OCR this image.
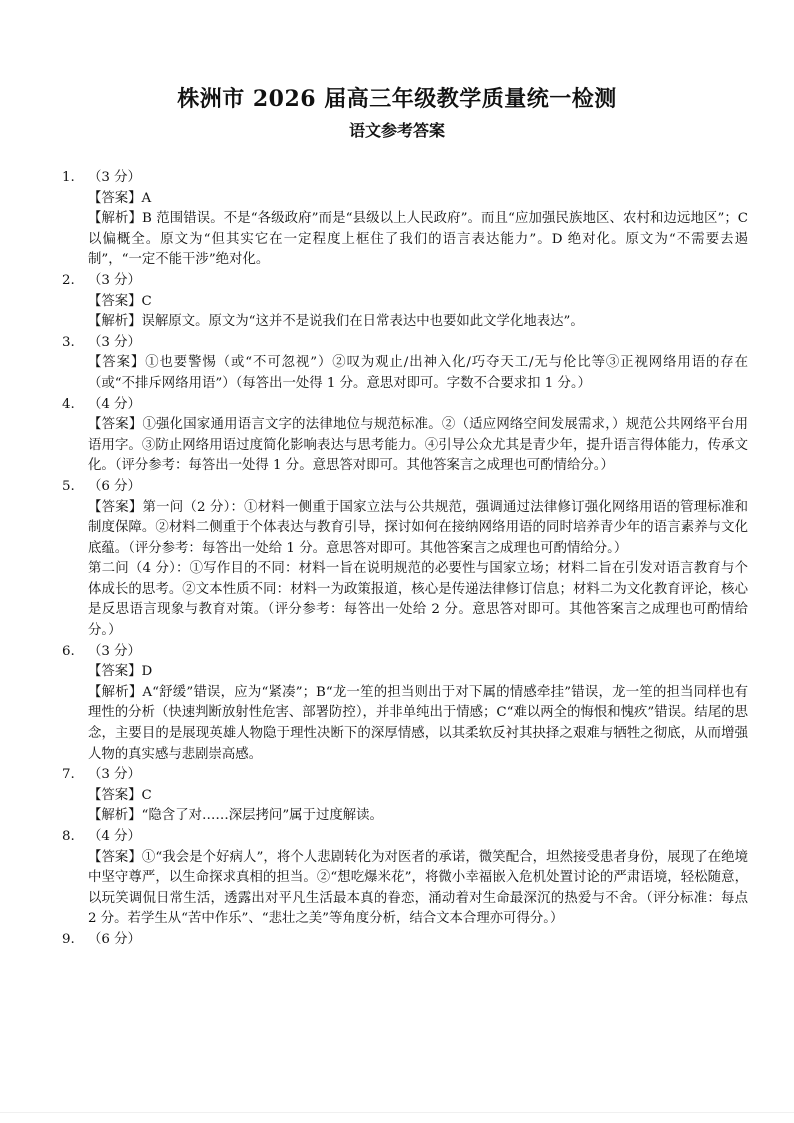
株洲市 2026 届高三年级教学质量统一检测
语文参考答案
1. （3 分）
【答案】A
【解析】B 范围错误。不是“各级政府”而是“县级以上人民政府”。而且“应加强民族地区、农村和边远地区”；C 以偏概全。原文为“但其实它在一定程度上框住了我们的语言表达能力”。D 绝对化。原文为“不需要去遏制”，“一定不能干涉”绝对化。
2. （3 分）
【答案】C
【解析】误解原文。原文为“这并不是说我们在日常表达中也要如此文学化地表达”。
3. （3 分）
【答案】①也要警惕（或“不可忽视”）②叹为观止/出神入化/巧夺天工/无与伦比等③正视网络用语的存在（或“不排斥网络用语”）（每答出一处得 1 分。意思对即可。字数不合要求扣 1 分。）
4. （4 分）
【答案】①强化国家通用语言文字的法律地位与规范标准。②（适应网络空间发展需求，）规范公共网络平台用语用字。③防止网络用语过度简化影响表达与思考能力。④引导公众尤其是青少年，提升语言得体能力，传承文化。（评分参考：每答出一处得 1 分。意思答对即可。其他答案言之成理也可酌情给分。）
5. （6 分）
【答案】第一问（2 分）：①材料一侧重于国家立法与公共规范，强调通过法律修订强化网络用语的管理标准和制度保障。②材料二侧重于个体表达与教育引导，探讨如何在接纳网络用语的同时培养青少年的语言素养与文化底蕴。（评分参考：每答出一处给 1 分。意思答对即可。其他答案言之成理也可酌情给分。）
第二问（4 分）：①写作目的不同：材料一旨在说明规范的必要性与国家立场；材料二旨在引发对语言教育与个体成长的思考。②文本性质不同：材料一为政策报道，核心是传递法律修订信息；材料二为文化教育评论，核心是反思语言现象与教育对策。（评分参考：每答出一处给 2 分。意思答对即可。其他答案言之成理也可酌情给分。）
6. （3 分）
【答案】D
【解析】A“舒缓”错误，应为“紧凑”；B“龙一笙的担当则出于对下属的情感牵挂”错误，龙一笙的担当同样也有理性的分析（快速判断放射性危害、部署防控），并非单纯出于情感；C“难以两全的悔恨和愧疚”错误。结尾的思念，主要目的是展现英雄人物隐于理性决断下的深厚情感，以其柔软反衬其抉择之艰难与牺牲之彻底，从而增强人物的真实感与悲剧崇高感。
7. （3 分）
【答案】C
【解析】“隐含了对……深层拷问”属于过度解读。
8. （4 分）
【答案】①“我会是个好病人”，将个人悲剧转化为对医者的承诺，微笑配合，坦然接受患者身份，展现了在绝境中坚守尊严，以生命探求真相的担当。②“想吃爆米花”，将微小幸福嵌入危机处置讨论的严肃语境，轻松随意，以玩笑调侃日常生活，透露出对平凡生活最本真的眷恋，涌动着对生命最深沉的热爱与不舍。（评分标准：每点 2 分。若学生从“苦中作乐”、“悲壮之美”等角度分析，结合文本合理亦可得分。）
9. （6 分）
